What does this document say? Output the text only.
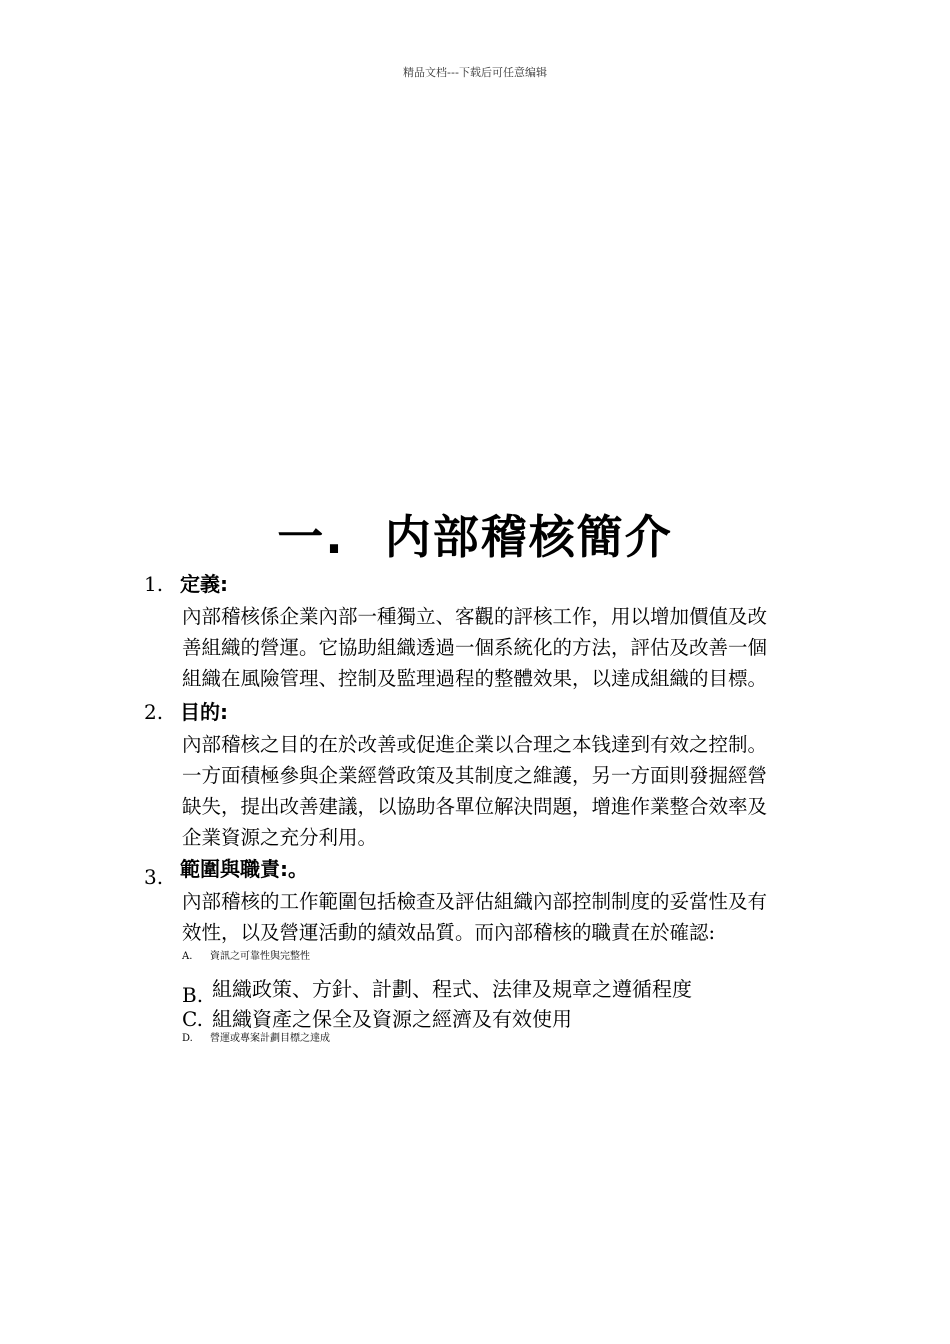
精品文档---下载后可任意编辑
一. 内部稽核簡介
1. 定義:
內部稽核係企業內部一種獨立、客觀的評核工作，用以增加價值及改
善組織的營運。它協助組織透過一個系統化的方法，評估及改善一個
組織在風險管理、控制及監理過程的整體效果，以達成組織的目標。
2. 目的:
內部稽核之目的在於改善或促進企業以合理之本钱達到有效之控制。
一方面積極參與企業經營政策及其制度之維護，另一方面則發掘經營
缺失，提出改善建議，以協助各單位解決問題，增進作業整合效率及
企業資源之充分利用。
3. 範圍與職責:。
內部稽核的工作範圍包括檢查及評估組織內部控制制度的妥當性及有
效性，以及營運活動的績效品質。而內部稽核的職責在於確認:
A. 資訊之可靠性與完整性
B. 組織政策、方針、計劃、程式、法律及規章之遵循程度
C. 組織資產之保全及資源之經濟及有效使用
D. 營運或專案計劃目標之達成
